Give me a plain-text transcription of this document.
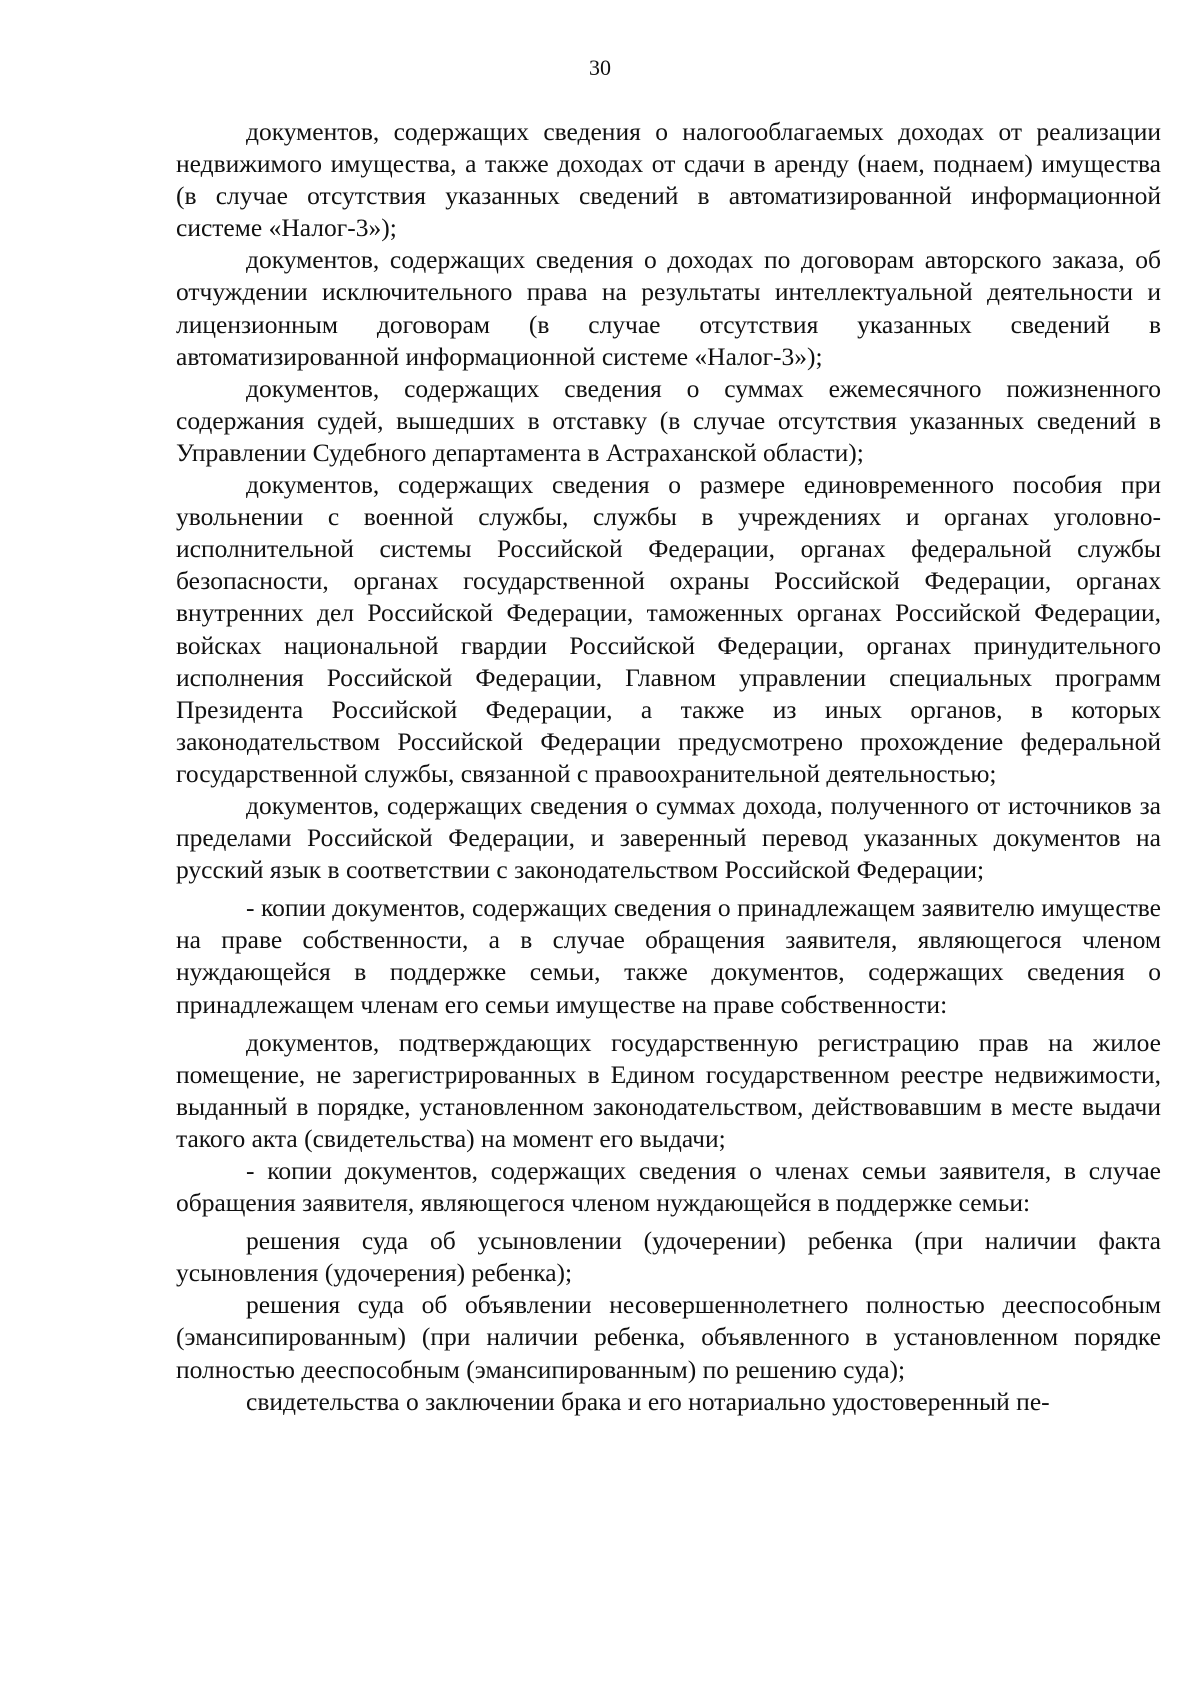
30

документов, содержащих сведения о налогооблагаемых доходах от реализации недвижимого имущества, а также доходах от сдачи в аренду (наем, поднаем) имущества (в случае отсутствия указанных сведений в автоматизированной информационной системе «Налог-3»);

документов, содержащих сведения о доходах по договорам авторского заказа, об отчуждении исключительного права на результаты интеллектуальной деятельности и лицензионным договорам (в случае отсутствия указанных сведений в автоматизированной информационной системе «Налог-3»);

документов, содержащих сведения о суммах ежемесячного пожизненного содержания судей, вышедших в отставку (в случае отсутствия указанных сведений в Управлении Судебного департамента в Астраханской области);

документов, содержащих сведения о размере единовременного пособия при увольнении с военной службы, службы в учреждениях и органах уголовно-исполнительной системы Российской Федерации, органах федеральной службы безопасности, органах государственной охраны Российской Федерации, органах внутренних дел Российской Федерации, таможенных органах Российской Федерации, войсках национальной гвардии Российской Федерации, органах принудительного исполнения Российской Федерации, Главном управлении специальных программ Президента Российской Федерации, а также из иных органов, в которых законодательством Российской Федерации предусмотрено прохождение федеральной государственной службы, связанной с правоохранительной деятельностью;

документов, содержащих сведения о суммах дохода, полученного от источников за пределами Российской Федерации, и заверенный перевод указанных документов на русский язык в соответствии с законодательством Российской Федерации;

- копии документов, содержащих сведения о принадлежащем заявителю имуществе на праве собственности, а в случае обращения заявителя, являющегося членом нуждающейся в поддержке семьи, также документов, содержащих сведения о принадлежащем членам его семьи имуществе на праве собственности:

документов, подтверждающих государственную регистрацию прав на жилое помещение, не зарегистрированных в Едином государственном реестре недвижимости, выданный в порядке, установленном законодательством, действовавшим в месте выдачи такого акта (свидетельства) на момент его выдачи;

- копии документов, содержащих сведения о членах семьи заявителя, в случае обращения заявителя, являющегося членом нуждающейся в поддержке семьи:

решения суда об усыновлении (удочерении) ребенка (при наличии факта усыновления (удочерения) ребенка);

решения суда об объявлении несовершеннолетнего полностью дееспособным (эмансипированным) (при наличии ребенка, объявленного в установленном порядке полностью дееспособным (эмансипированным) по решению суда);

свидетельства о заключении брака и его нотариально удостоверенный пе-
